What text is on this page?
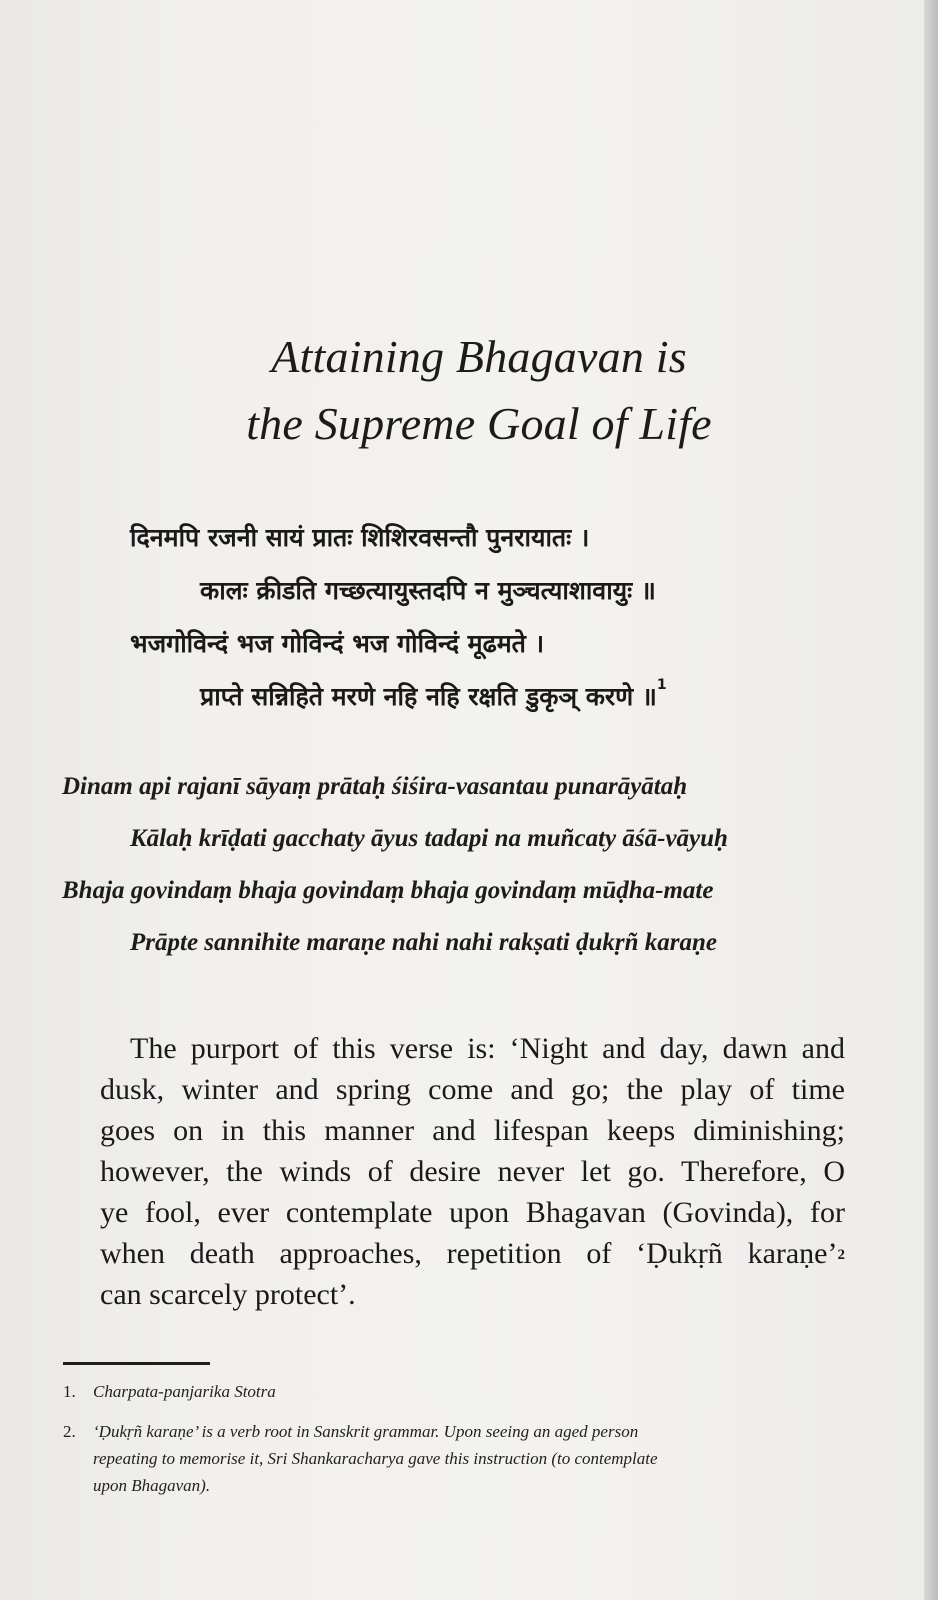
Attaining Bhagavan is
the Supreme Goal of Life
दिनमपि रजनी सायं प्रातः शिशिरवसन्तौ पुनरायातः ।
कालः क्रीडति गच्छत्यायुस्तदपि न मुञ्चत्याशावायुः ॥
भजगोविन्दं भज गोविन्दं भज गोविन्दं मूढमते ।
प्राप्ते सन्निहिते मरणे नहि नहि रक्षति डुकृञ् करणे ॥$^1$
Dinam api rajanī sāyaṃ prātaḥ śiśira-vasantau punarāyātaḥ
Kālaḥ krīḍati gacchaty āyus tadapi na muñcaty āśā-vāyuḥ
Bhaja govindaṃ bhaja govindaṃ bhaja govindaṃ mūḍha-mate
Prāpte sannihite maraṇe nahi nahi rakṣati ḍukṛñ karaṇe
The purport of this verse is: ‘Night and day, dawn and
dusk, winter and spring come and go; the play of time
goes on in this manner and lifespan keeps diminishing;
however, the winds of desire never let go. Therefore, O
ye fool, ever contemplate upon Bhagavan (Govinda), for
when death approaches, repetition of ‘Ḍukṛñ karaṇe’$^2$
can scarcely protect’.
1. Charpata-panjarika Stotra
2. ‘Ḍukṛñ karaṇe’ is a verb root in Sanskrit grammar. Upon seeing an aged person
repeating to memorise it, Sri Shankaracharya gave this instruction (to contemplate
upon Bhagavan).
